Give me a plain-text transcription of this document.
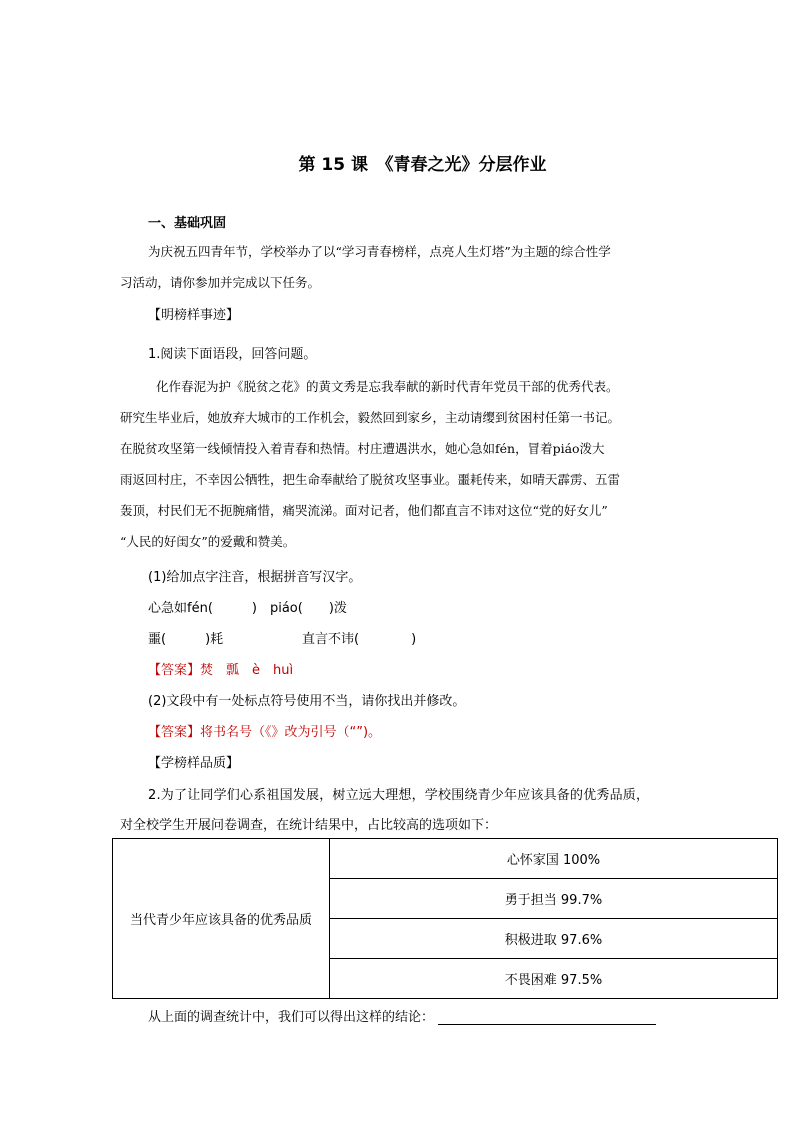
第 15 课　《青春之光》分层作业
一、基础巩固
为庆祝五四青年节，学校举办了以“学习青春榜样，点亮人生灯塔”为主题的综合性学
习活动，请你参加并完成以下任务。
【明榜样事迹】
1.阅读下面语段，回答问题。
化作春泥为护《脱贫之花》的黄文秀是忘我奉献的新时代青年党员干部的优秀代表。
研究生毕业后，她放弃大城市的工作机会，毅然回到家乡，主动请缨到贫困村任第一书记。
在脱贫攻坚第一线倾情投入着青春和热情。村庄遭遇洪水，她心急如fén，冒着piáo泼大
雨返回村庄，不幸因公牺牲，把生命奉献给了脱贫攻坚事业。噩耗传来，如晴天霹雳、五雷
轰顶，村民们无不扼腕痛惜，痛哭流涕。面对记者，他们都直言不讳对这位“党的好女儿”
“人民的好闺女”的爱戴和赞美。
(1)给加点字注音，根据拼音写汉字。
心急如fén(　　　)　piáo(　　)泼
噩(　　　)耗	直言不讳(　　　　)
【答案】焚　瓢　è　huì
(2)文段中有一处标点符号使用不当，请你找出并修改。
【答案】将书名号（《》改为引号（“”)。
【学榜样品质】
2.为了让同学们心系祖国发展，树立远大理想，学校围绕青少年应该具备的优秀品质，
对全校学生开展问卷调查，在统计结果中，占比较高的选项如下：
当代青少年应该具备的优秀品质	心怀家国 100%
勇于担当 99.7%
积极进取 97.6%
不畏困难 97.5%
从上面的调查统计中，我们可以得出这样的结论：
